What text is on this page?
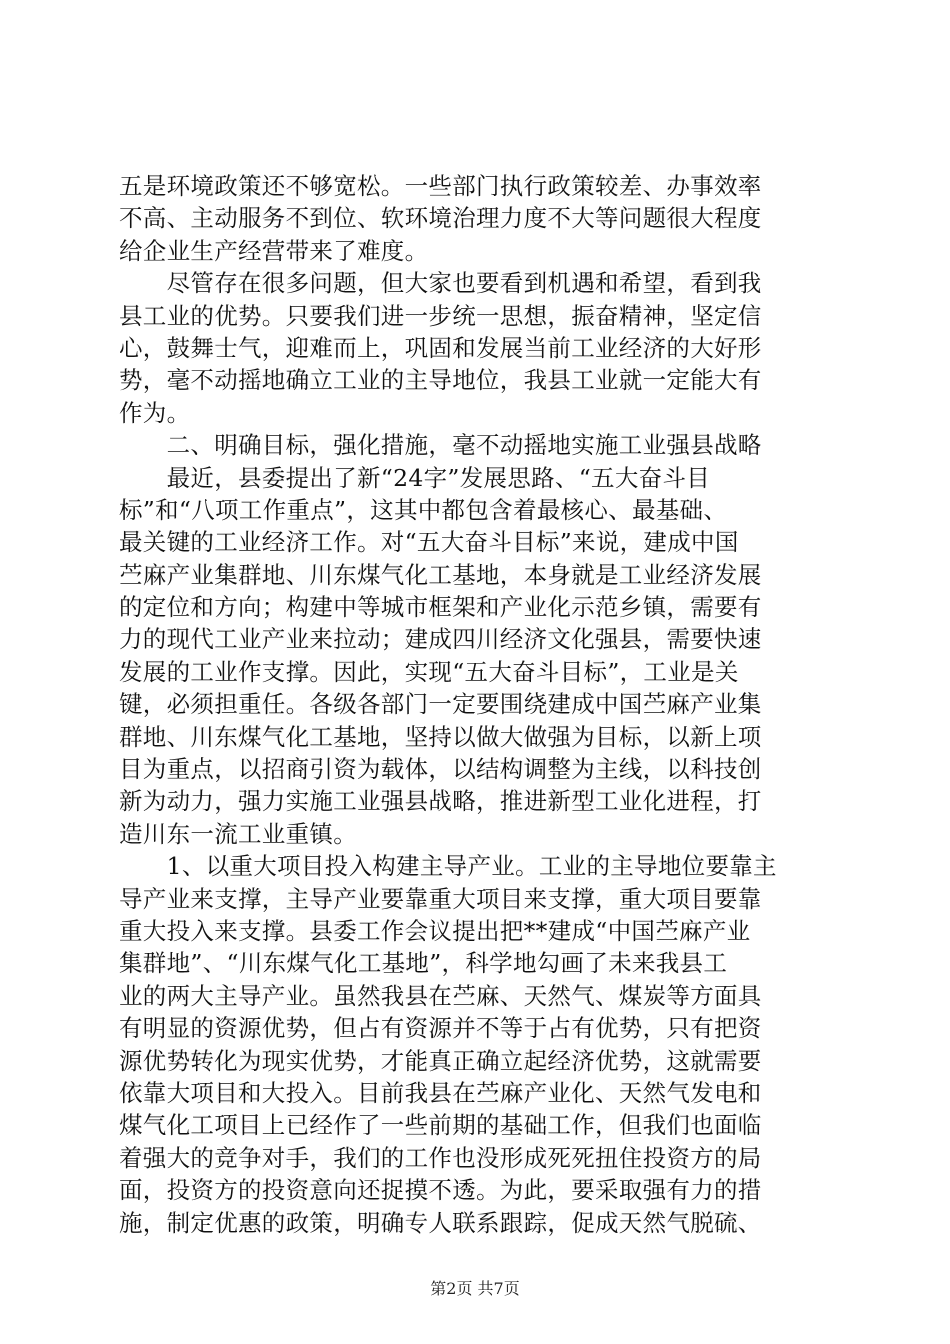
五是环境政策还不够宽松。一些部门执行政策较差、办事效率
不高、主动服务不到位、软环境治理力度不大等问题很大程度
给企业生产经营带来了难度。
　　尽管存在很多问题，但大家也要看到机遇和希望，看到我
县工业的优势。只要我们进一步统一思想，振奋精神，坚定信
心，鼓舞士气，迎难而上，巩固和发展当前工业经济的大好形
势，毫不动摇地确立工业的主导地位，我县工业就一定能大有
作为。
　　二、明确目标，强化措施，毫不动摇地实施工业强县战略
　　最近，县委提出了新“24字”发展思路、“五大奋斗目
标”和“八项工作重点”，这其中都包含着最核心、最基础、
最关键的工业经济工作。对“五大奋斗目标”来说，建成中国
苎麻产业集群地、川东煤气化工基地，本身就是工业经济发展
的定位和方向；构建中等城市框架和产业化示范乡镇，需要有
力的现代工业产业来拉动；建成四川经济文化强县，需要快速
发展的工业作支撑。因此，实现“五大奋斗目标”，工业是关
键，必须担重任。各级各部门一定要围绕建成中国苎麻产业集
群地、川东煤气化工基地，坚持以做大做强为目标，以新上项
目为重点，以招商引资为载体，以结构调整为主线，以科技创
新为动力，强力实施工业强县战略，推进新型工业化进程，打
造川东一流工业重镇。
　　1、以重大项目投入构建主导产业。工业的主导地位要靠主
导产业来支撑，主导产业要靠重大项目来支撑，重大项目要靠
重大投入来支撑。县委工作会议提出把**建成“中国苎麻产业
集群地”、“川东煤气化工基地”，科学地勾画了未来我县工
业的两大主导产业。虽然我县在苎麻、天然气、煤炭等方面具
有明显的资源优势，但占有资源并不等于占有优势，只有把资
源优势转化为现实优势，才能真正确立起经济优势，这就需要
依靠大项目和大投入。目前我县在苎麻产业化、天然气发电和
煤气化工项目上已经作了一些前期的基础工作，但我们也面临
着强大的竞争对手，我们的工作也没形成死死扭住投资方的局
面，投资方的投资意向还捉摸不透。为此，要采取强有力的措
施，制定优惠的政策，明确专人联系跟踪，促成天然气脱硫、
第2页 共7页
